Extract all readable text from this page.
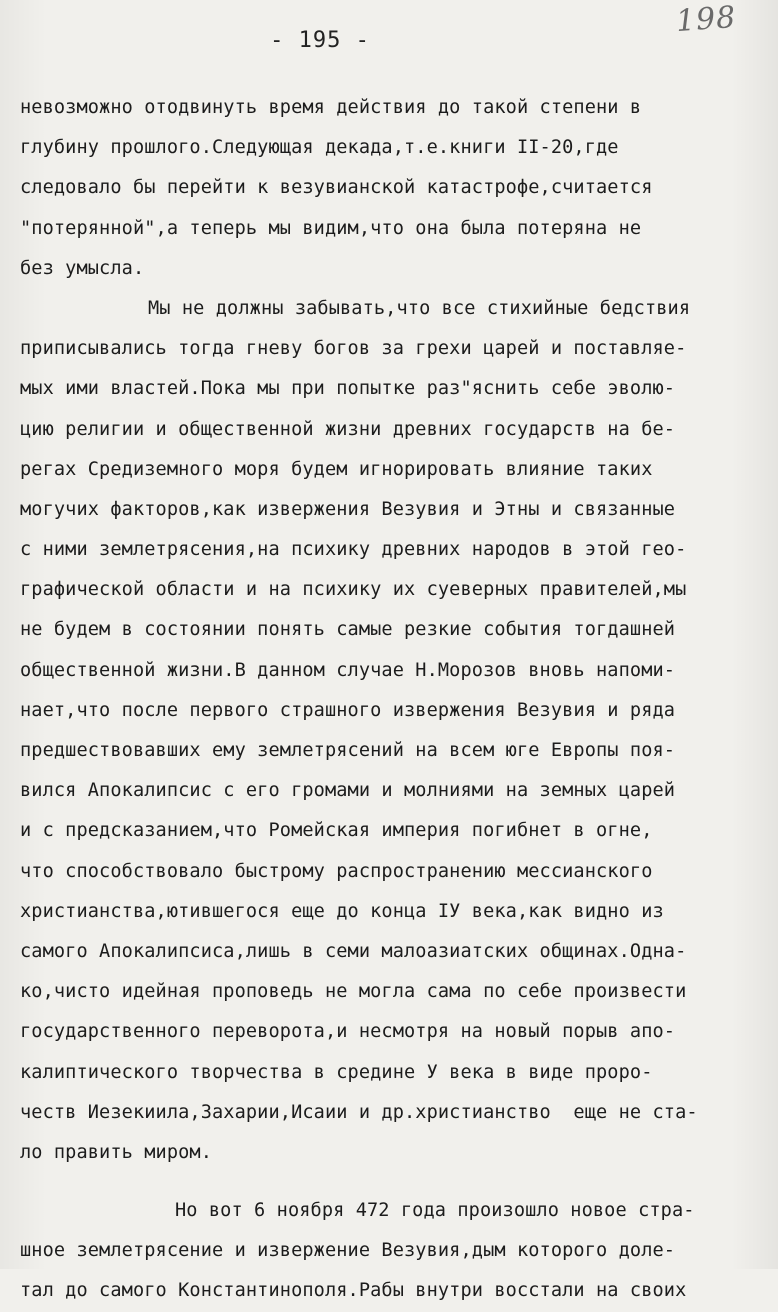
198
- 195 -
невозможно отодвинуть время действия до такой степени в
глубину прошлого.Следующая декада,т.е.книги II-20,где
следовало бы перейти к везувианской катастрофе,считается
"потерянной",а теперь мы видим,что она была потеряна не
без умысла.
Мы не должны забывать,что все стихийные бедствия
приписывались тогда гневу богов за грехи царей и поставляе-
мых ими властей.Пока мы при попытке раз"яснить себе эволю-
цию религии и общественной жизни древних государств на бе-
регах Средиземного моря будем игнорировать влияние таких
могучих факторов,как извержения Везувия и Этны и связанные
с ними землетрясения,на психику древних народов в этой гео-
графической области и на психику их суеверных правителей,мы
не будем в состоянии понять самые резкие события тогдашней
общественной жизни.В данном случае Н.Морозов вновь напоми-
нает,что после первого страшного извержения Везувия и ряда
предшествовавших ему землетрясений на всем юге Европы поя-
вился Апокалипсис с его громами и молниями на земных царей
и с предсказанием,что Ромейская империя погибнет в огне,
что способствовало быстрому распространению мессианского
христианства,ютившегося еще до конца IУ века,как видно из
самого Апокалипсиса,лишь в семи малоазиатских общинах.Одна-
ко,чисто идейная проповедь не могла сама по себе произвести
государственного переворота,и несмотря на новый порыв апо-
калиптического творчества в средине У века в виде проро-
честв Иезекиила,Захарии,Исаии и др.христианство  еще не ста-
ло править миром.
Но вот 6 ноября 472 года произошло новое стра-
шное землетрясение и извержение Везувия,дым которого доле-
тал до самого Константинополя.Рабы внутри восстали на своих
